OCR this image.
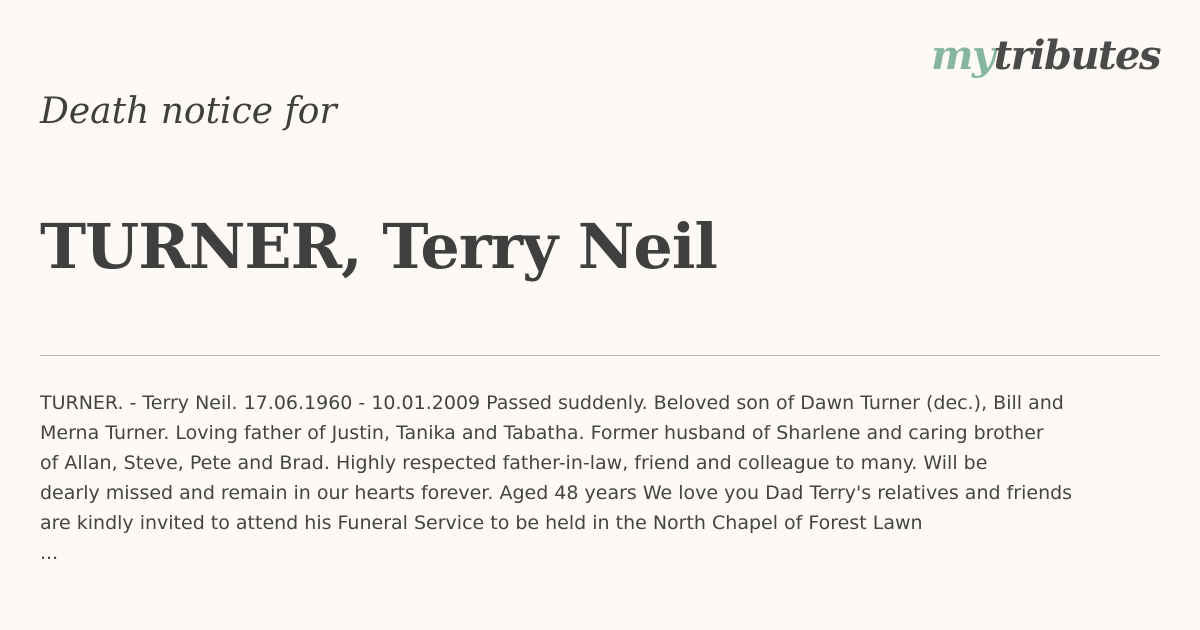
mytributes
Death notice for
TURNER, Terry Neil

TURNER. - Terry Neil. 17.06.1960 - 10.01.2009 Passed suddenly. Beloved son of Dawn Turner (dec.), Bill and
Merna Turner. Loving father of Justin, Tanika and Tabatha. Former husband of Sharlene and caring brother
of Allan, Steve, Pete and Brad. Highly respected father-in-law, friend and colleague to many. Will be
dearly missed and remain in our hearts forever. Aged 48 years We love you Dad Terry's relatives and friends
are kindly invited to attend his Funeral Service to be held in the North Chapel of Forest Lawn

...
